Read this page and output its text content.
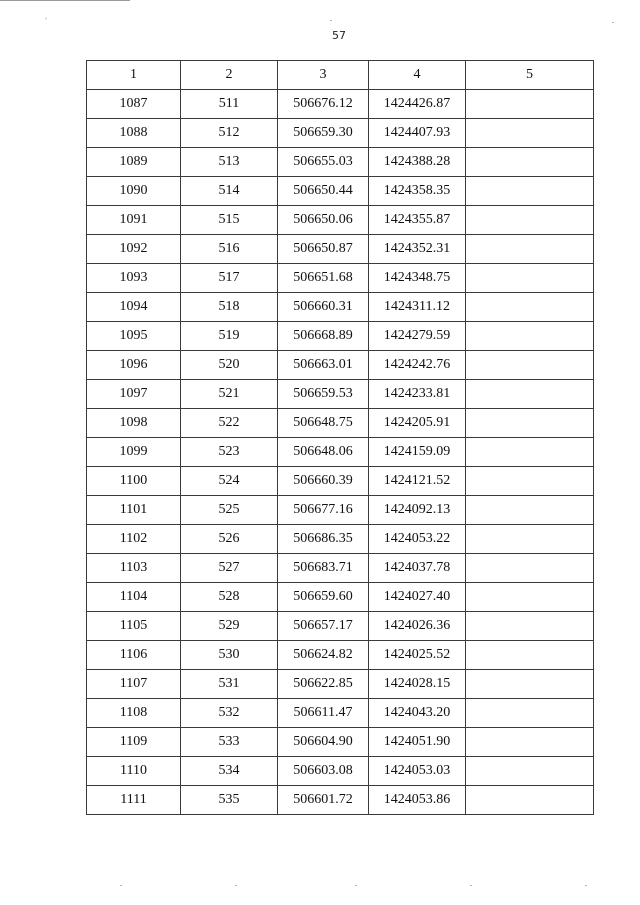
57
1	2	3	4	5
1087	511	506676.12	1424426.87	
1088	512	506659.30	1424407.93	
1089	513	506655.03	1424388.28	
1090	514	506650.44	1424358.35	
1091	515	506650.06	1424355.87	
1092	516	506650.87	1424352.31	
1093	517	506651.68	1424348.75	
1094	518	506660.31	1424311.12	
1095	519	506668.89	1424279.59	
1096	520	506663.01	1424242.76	
1097	521	506659.53	1424233.81	
1098	522	506648.75	1424205.91	
1099	523	506648.06	1424159.09	
1100	524	506660.39	1424121.52	
1101	525	506677.16	1424092.13	
1102	526	506686.35	1424053.22	
1103	527	506683.71	1424037.78	
1104	528	506659.60	1424027.40	
1105	529	506657.17	1424026.36	
1106	530	506624.82	1424025.52	
1107	531	506622.85	1424028.15	
1108	532	506611.47	1424043.20	
1109	533	506604.90	1424051.90	
1110	534	506603.08	1424053.03	
1111	535	506601.72	1424053.86	
